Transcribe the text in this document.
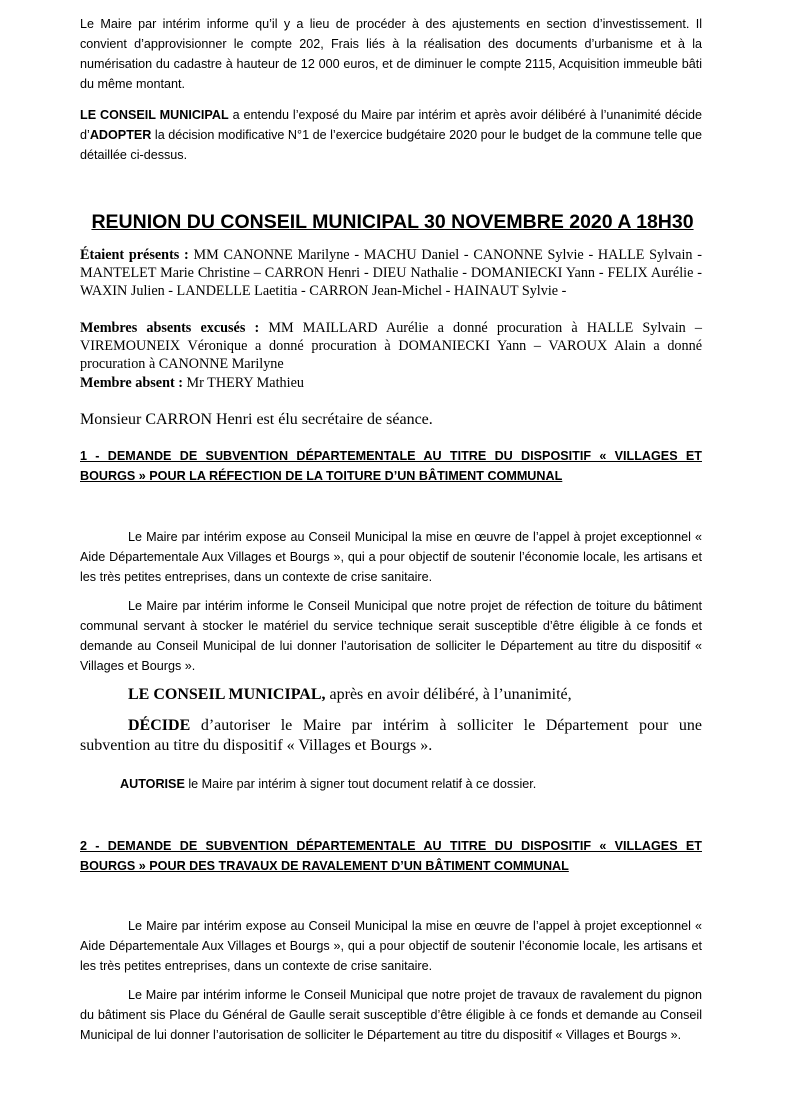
Le Maire par intérim informe qu’il y a lieu de procéder à des ajustements en section d’investissement. Il convient d’approvisionner le compte 202, Frais liés à la réalisation des documents d’urbanisme et à la numérisation du cadastre à hauteur de 12 000 euros, et de diminuer le compte 2115, Acquisition immeuble bâti du même montant.

LE CONSEIL MUNICIPAL a entendu l’exposé du Maire par intérim et après avoir délibéré à l’unanimité décide d’ADOPTER la décision modificative N°1 de l’exercice budgétaire 2020 pour le budget de la commune telle que détaillée ci-dessus.

REUNION DU CONSEIL MUNICIPAL 30 NOVEMBRE 2020 A 18H30

Étaient présents : MM CANONNE Marilyne - MACHU Daniel - CANONNE Sylvie - HALLE Sylvain -MANTELET Marie Christine – CARRON Henri - DIEU Nathalie - DOMANIECKI Yann - FELIX Aurélie - WAXIN Julien - LANDELLE Laetitia - CARRON Jean-Michel - HAINAUT Sylvie -

Membres absents excusés : MM MAILLARD Aurélie a donné procuration à HALLE Sylvain – VIREMOUNEIX Véronique a donné procuration à DOMANIECKI Yann – VAROUX Alain a donné procuration à CANONNE Marilyne

Membre absent : Mr THERY Mathieu

Monsieur CARRON Henri est élu secrétaire de séance.

1 - DEMANDE DE SUBVENTION DÉPARTEMENTALE AU TITRE DU DISPOSITIF « VILLAGES ET BOURGS » POUR LA RÉFECTION DE LA TOITURE D’UN BÂTIMENT COMMUNAL

Le Maire par intérim expose au Conseil Municipal la mise en œuvre de l’appel à projet exceptionnel « Aide Départementale Aux Villages et Bourgs », qui a pour objectif de soutenir l’économie locale, les artisans et les très petites entreprises, dans un contexte de crise sanitaire.

Le Maire par intérim informe le Conseil Municipal que notre projet de réfection de toiture du bâtiment communal servant à stocker le matériel du service technique serait susceptible d’être éligible à ce fonds et demande au Conseil Municipal de lui donner l’autorisation de solliciter le Département au titre du dispositif « Villages et Bourgs ».

LE CONSEIL MUNICIPAL, après en avoir délibéré, à l’unanimité,

DÉCIDE d’autoriser le Maire par intérim à solliciter le Département pour une subvention au titre du dispositif « Villages et Bourgs ».

AUTORISE le Maire par intérim à signer tout document relatif à ce dossier.

2 - DEMANDE DE SUBVENTION DÉPARTEMENTALE AU TITRE DU DISPOSITIF « VILLAGES ET BOURGS » POUR DES TRAVAUX DE RAVALEMENT D’UN BÂTIMENT COMMUNAL

Le Maire par intérim expose au Conseil Municipal la mise en œuvre de l’appel à projet exceptionnel « Aide Départementale Aux Villages et Bourgs », qui a pour objectif de soutenir l’économie locale, les artisans et les très petites entreprises, dans un contexte de crise sanitaire.

Le Maire par intérim informe le Conseil Municipal que notre projet de travaux de ravalement du pignon du bâtiment sis Place du Général de Gaulle serait susceptible d’être éligible à ce fonds et demande au Conseil Municipal de lui donner l’autorisation de solliciter le Département au titre du dispositif « Villages et Bourgs ».
